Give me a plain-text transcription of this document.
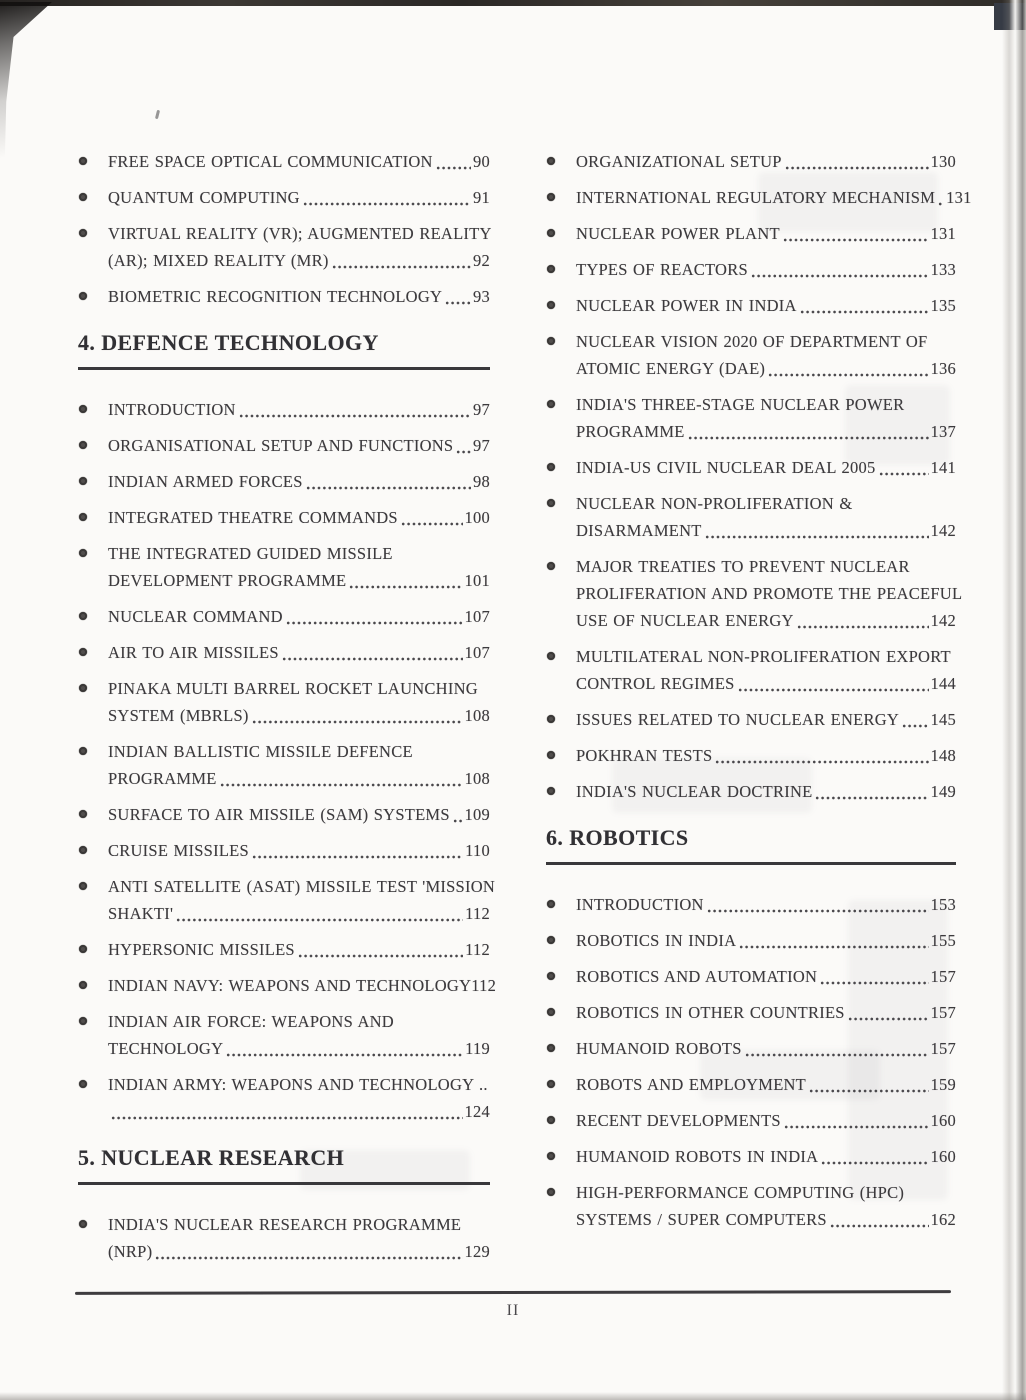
FREE SPACE OPTICAL COMMUNICATION 90
QUANTUM COMPUTING	91
VIRTUAL REALITY (VR); AUGMENTED REALITY
(AR); MIXED REALITY (MR)	92
BIOMETRIC RECOGNITION TECHNOLOGY 93
4. DEFENCE TECHNOLOGY
INTRODUCTION	97
ORGANISATIONAL SETUP AND FUNCTIONS 97
INDIAN ARMED FORCES	98
INTEGRATED THEATRE COMMANDS	100
THE INTEGRATED GUIDED MISSILE
DEVELOPMENT PROGRAMME	101
NUCLEAR COMMAND	107
AIR TO AIR MISSILES	107
PINAKA MULTI BARREL ROCKET LAUNCHING
SYSTEM (MBRLS)	108
INDIAN BALLISTIC MISSILE DEFENCE
PROGRAMME	108
SURFACE TO AIR MISSILE (SAM) SYSTEMS 109
CRUISE MISSILES	110
ANTI SATELLITE (ASAT) MISSILE TEST 'MISSION
SHAKTI'	112
HYPERSONIC MISSILES	112
INDIAN NAVY: WEAPONS AND TECHNOLOGY 112
INDIAN AIR FORCE: WEAPONS AND
TECHNOLOGY	119
INDIAN ARMY: WEAPONS AND TECHNOLOGY ..
124
5. NUCLEAR RESEARCH
INDIA'S NUCLEAR RESEARCH PROGRAMME
(NRP)	129
ORGANIZATIONAL SETUP	130
INTERNATIONAL REGULATORY MECHANISM 131
NUCLEAR POWER PLANT	131
TYPES OF REACTORS	133
NUCLEAR POWER IN INDIA	135
NUCLEAR VISION 2020 OF DEPARTMENT OF
ATOMIC ENERGY (DAE)	136
INDIA'S THREE-STAGE NUCLEAR POWER
PROGRAMME	137
INDIA-US CIVIL NUCLEAR DEAL 2005	141
NUCLEAR NON-PROLIFERATION &
DISARMAMENT	142
MAJOR TREATIES TO PREVENT NUCLEAR
PROLIFERATION AND PROMOTE THE PEACEFUL
USE OF NUCLEAR ENERGY	142
MULTILATERAL NON-PROLIFERATION EXPORT
CONTROL REGIMES	144
ISSUES RELATED TO NUCLEAR ENERGY 145
POKHRAN TESTS	148
INDIA'S NUCLEAR DOCTRINE	149
6. ROBOTICS
INTRODUCTION	153
ROBOTICS IN INDIA	155
ROBOTICS AND AUTOMATION	157
ROBOTICS IN OTHER COUNTRIES	157
HUMANOID ROBOTS	157
ROBOTS AND EMPLOYMENT	159
RECENT DEVELOPMENTS	160
HUMANOID ROBOTS IN INDIA	160
HIGH-PERFORMANCE COMPUTING (HPC)
SYSTEMS / SUPER COMPUTERS	162
II
